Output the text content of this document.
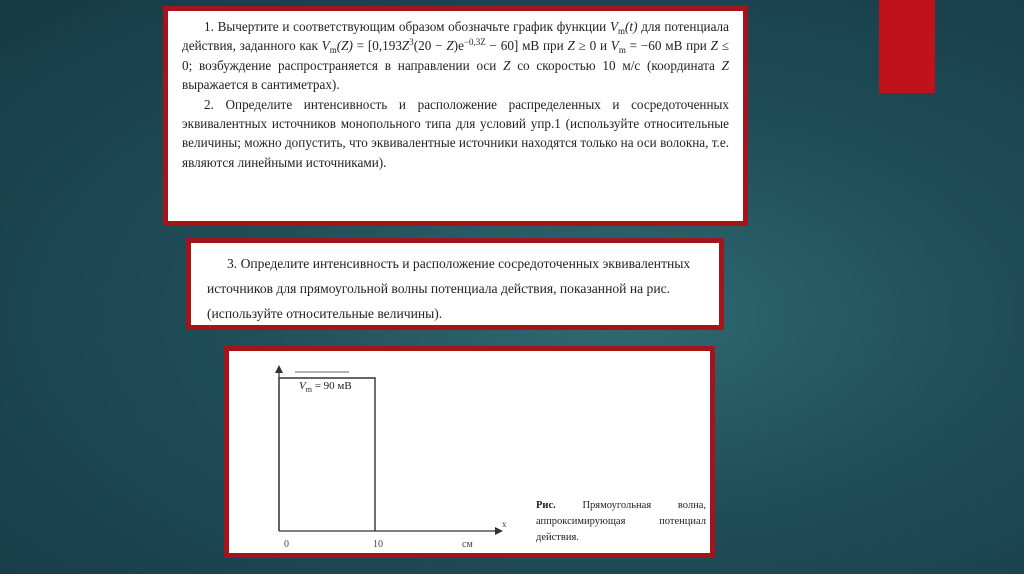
1. Вычертите и соответствующим образом обозначьте график функции $V_m(t)$ для потенциала действия, заданного как $V_m(Z) = [0,193Z^3(20 - Z)e^{-0,3Z} - 60]$ мВ при Z ≥ 0 и $V_m = -60$ мВ при Z ≤ 0; возбуждение распространяется в направлении оси Z со скоростью 10 м/с (координата Z выражается в сантиметрах).

2. Определите интенсивность и расположение распределенных и сосредоточенных эквивалентных источников монопольного типа для условий упр.1 (используйте относительные величины; можно допустить, что эквивалентные источники находятся только на оси волокна, т.е. являются линейными источниками).

3. Определите интенсивность и расположение сосредоточенных эквивалентных источников для прямоугольной волны потенциала действия, показанной на рис. (используйте относительные величины).

$V_m = 90$ мВ
0	10	см
x
Рис.	Прямоугольная волна, аппроксимирующая потенциал действия.
